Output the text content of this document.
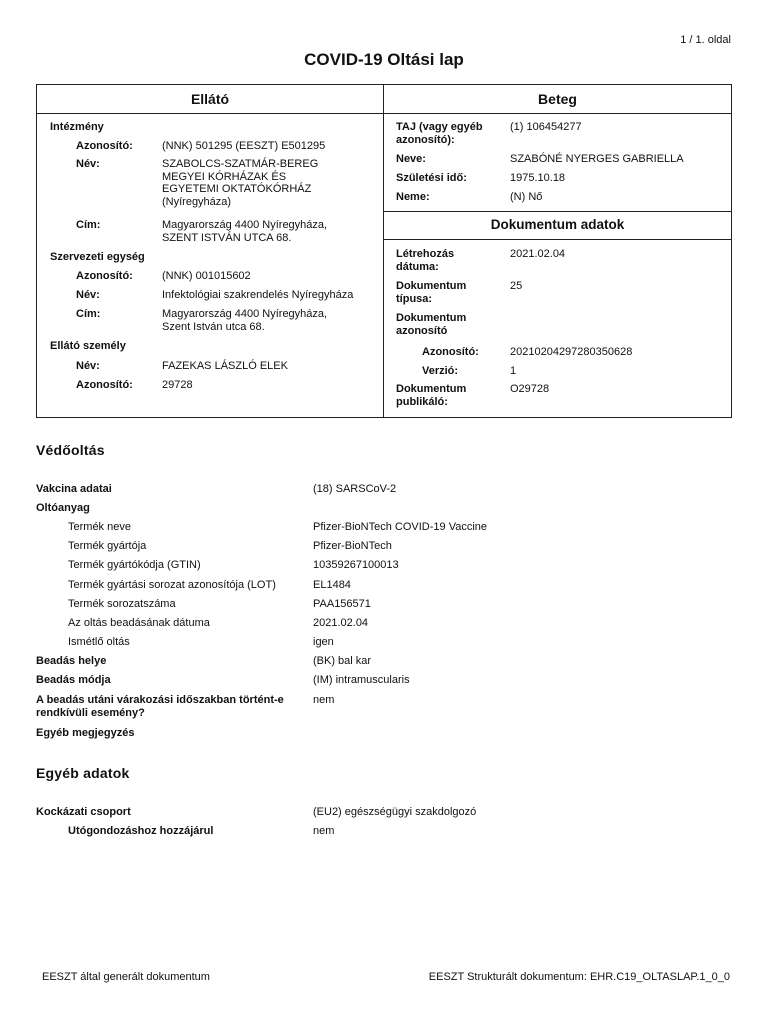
1 / 1. oldal
COVID-19 Oltási lap
Ellátó	Beteg
Intézmény
Azonosító:	(NNK) 501295 (EESZT) E501295
Név:	SZABOLCS-SZATMÁR-BEREG
MEGYEI KÓRHÁZAK ÉS
EGYETEMI OKTATÓKÓRHÁZ
(Nyíregyháza)
Cím:	Magyarország 4400 Nyíregyháza,
SZENT ISTVÁN UTCA 68.
Szervezeti egység
Azonosító:	(NNK) 001015602
Név:	Infektológiai szakrendelés Nyíregyháza
Cím:	Magyarország 4400 Nyíregyháza,
Szent István utca 68.
Ellátó személy
Név:	FAZEKAS LÁSZLÓ ELEK
Azonosító:	29728
TAJ (vagy egyéb
azonosító):
(1) 106454277
Neve:	SZABÓNÉ NYERGES GABRIELLA
Születési idő:	1975.10.18
Neme:	(N) Nő
Dokumentum adatok
Létrehozás
dátuma:
2021.02.04
Dokumentum
típusa:
25
Dokumentum
azonosító
Azonosító:	20210204297280350628
Verzió:	1
Dokumentum
publikáló:
O29728
Védőoltás
Vakcina adatai	(18) SARSCoV-2
Oltóanyag
Termék neve	Pfizer-BioNTech COVID-19 Vaccine
Termék gyártója	Pfizer-BioNTech
Termék gyártókódja (GTIN)	10359267100013
Termék gyártási sorozat azonosítója (LOT)	EL1484
Termék sorozatszáma	PAA156571
Az oltás beadásának dátuma	2021.02.04
Ismétlő oltás	igen
Beadás helye	(BK) bal kar
Beadás módja	(IM) intramuscularis
A beadás utáni várakozási időszakban történt-e
rendkívüli esemény?
nem
Egyéb megjegyzés
Egyéb adatok
Kockázati csoport	(EU2) egészségügyi szakdolgozó
Utógondozáshoz hozzájárul	nem
EESZT által generált dokumentum	EESZT Strukturált dokumentum: EHR.C19_OLTASLAP.1_0_0
